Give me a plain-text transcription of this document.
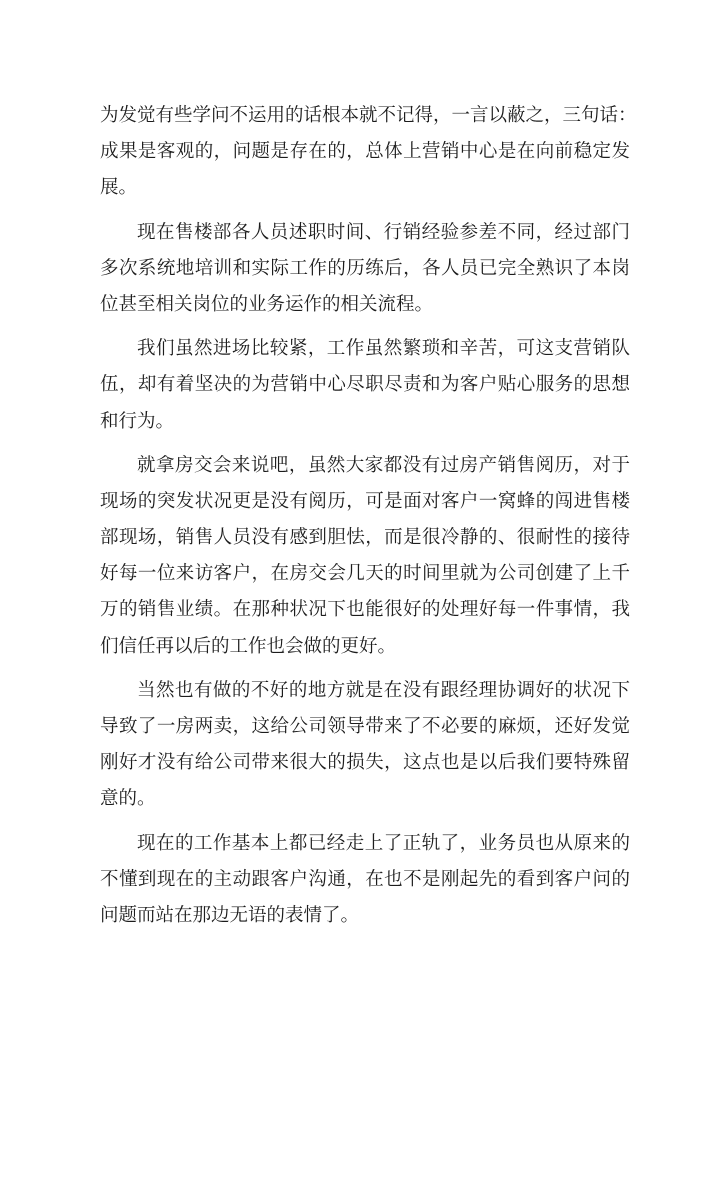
为发觉有些学问不运用的话根本就不记得，一言以蔽之，三句话：
成果是客观的，问题是存在的，总体上营销中心是在向前稳定发
展。
现在售楼部各人员述职时间、行销经验参差不同，经过部门
多次系统地培训和实际工作的历练后，各人员已完全熟识了本岗
位甚至相关岗位的业务运作的相关流程。
我们虽然进场比较紧，工作虽然繁琐和辛苦，可这支营销队
伍，却有着坚决的为营销中心尽职尽责和为客户贴心服务的思想
和行为。
就拿房交会来说吧，虽然大家都没有过房产销售阅历，对于
现场的突发状况更是没有阅历，可是面对客户一窝蜂的闯进售楼
部现场，销售人员没有感到胆怯，而是很冷静的、很耐性的接待
好每一位来访客户，在房交会几天的时间里就为公司创建了上千
万的销售业绩。在那种状况下也能很好的处理好每一件事情，我
们信任再以后的工作也会做的更好。
当然也有做的不好的地方就是在没有跟经理协调好的状况下
导致了一房两卖，这给公司领导带来了不必要的麻烦，还好发觉
刚好才没有给公司带来很大的损失，这点也是以后我们要特殊留
意的。
现在的工作基本上都已经走上了正轨了，业务员也从原来的
不懂到现在的主动跟客户沟通，在也不是刚起先的看到客户问的
问题而站在那边无语的表情了。
